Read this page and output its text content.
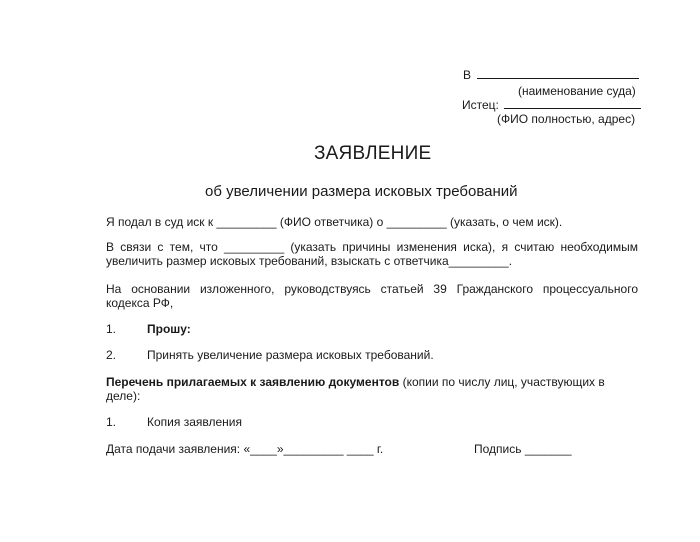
В
(наименование суда)
Истец:
(ФИО полностью, адрес)
ЗАЯВЛЕНИЕ
об увеличении размера исковых требований
Я подал в суд иск к _________ (ФИО ответчика) о _________ (указать, о чем иск).
В связи с тем, что _________ (указать причины изменения иска), я считаю необходимым
увеличить размер исковых требований, взыскать с ответчика_________.
На основании изложенного, руководствуясь статьей 39 Гражданского процессуального
кодекса РФ,
1.	Прошу:
2.	Принять увеличение размера исковых требований.
Перечень прилагаемых к заявлению документов (копии по числу лиц, участвующих в
деле):
1.	Копия заявления
Дата подачи заявления: «____»_________ ____ г.	Подпись _______
